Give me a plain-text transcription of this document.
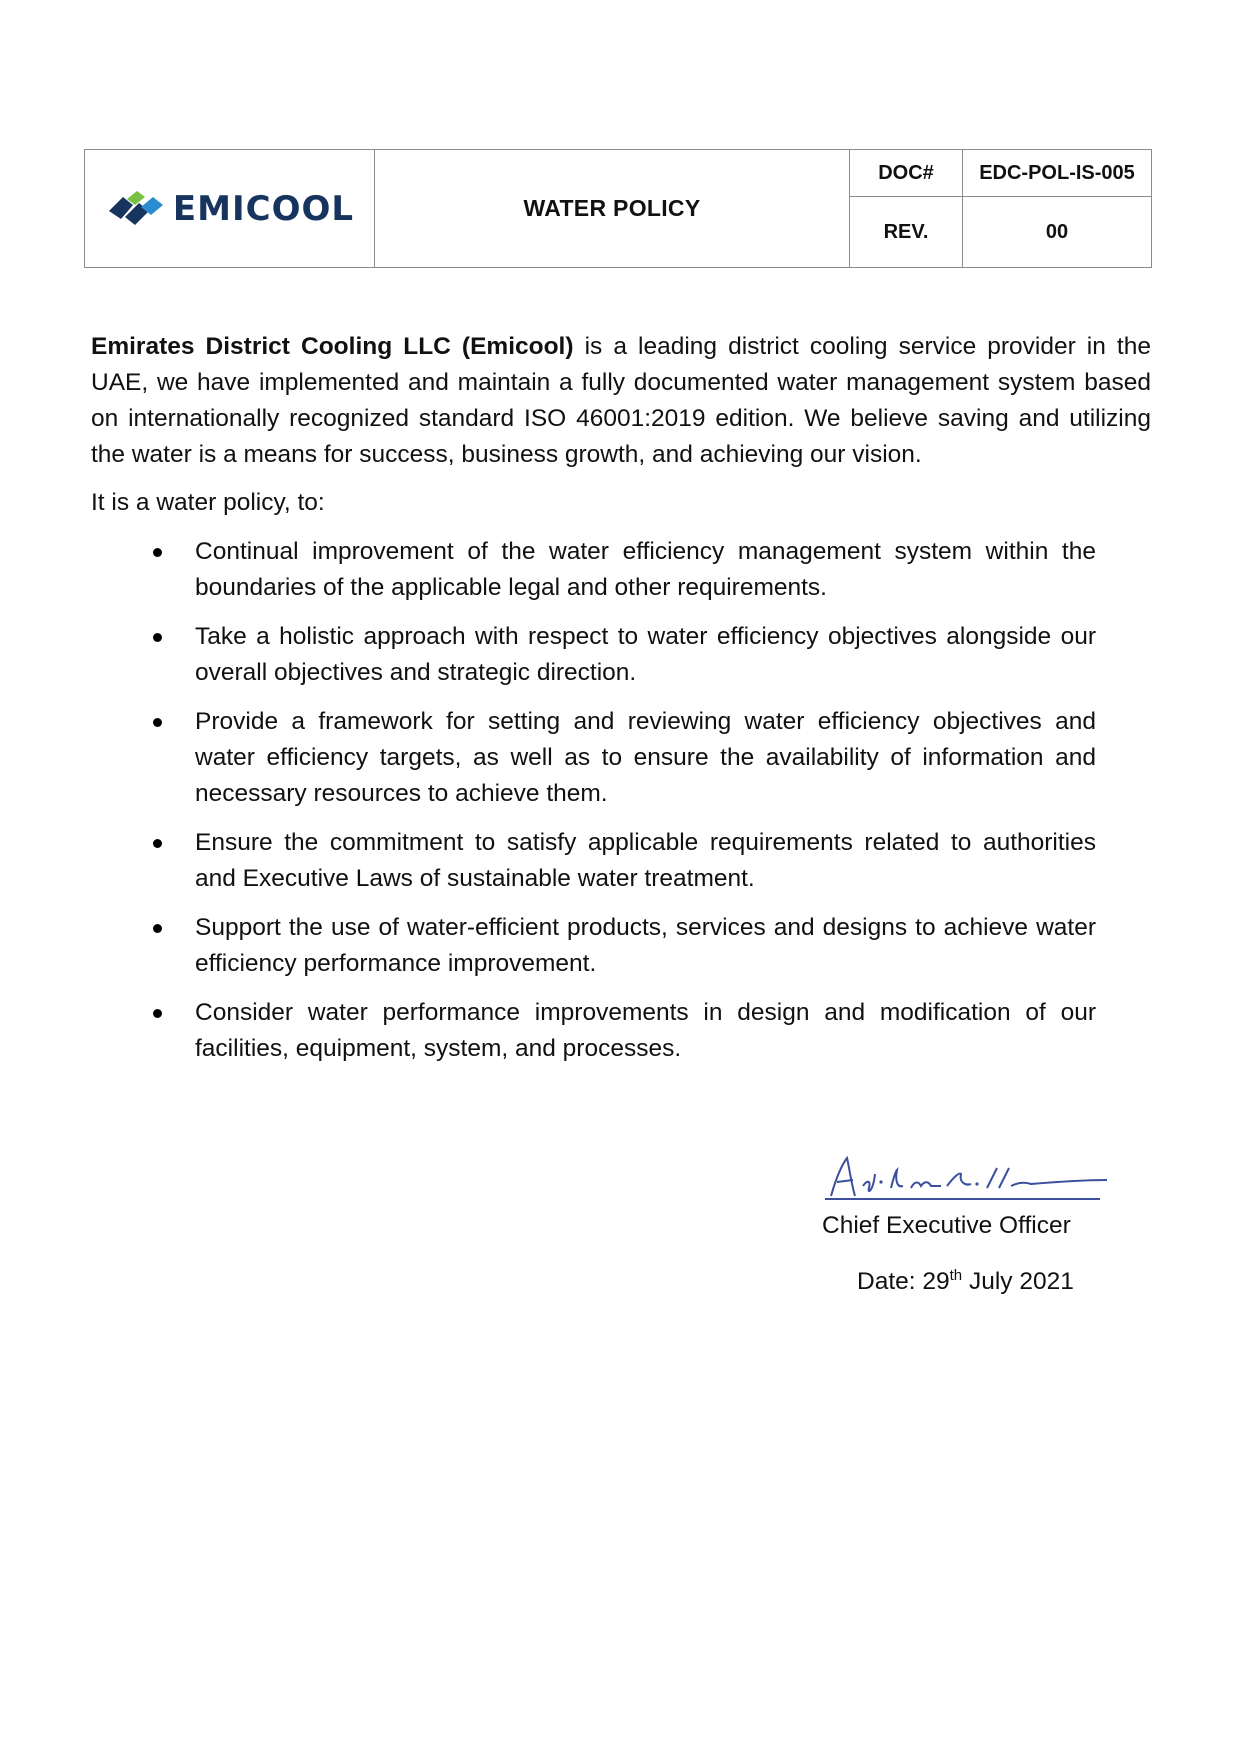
EMICOOL	WATER POLICY	DOC#	EDC-POL-IS-005
		REV.	00

Emirates District Cooling LLC (Emicool) is a leading district cooling service provider in the UAE, we have implemented and maintain a fully documented water management system based on internationally recognized standard ISO 46001:2019 edition. We believe saving and utilizing the water is a means for success, business growth, and achieving our vision.

It is a water policy, to:

Continual improvement of the water efficiency management system within the boundaries of the applicable legal and other requirements.
Take a holistic approach with respect to water efficiency objectives alongside our overall objectives and strategic direction.
Provide a framework for setting and reviewing water efficiency objectives and water efficiency targets, as well as to ensure the availability of information and necessary resources to achieve them.
Ensure the commitment to satisfy applicable requirements related to authorities and Executive Laws of sustainable water treatment.
Support the use of water-efficient products, services and designs to achieve water efficiency performance improvement.
Consider water performance improvements in design and modification of our facilities, equipment, system, and processes.
Chief Executive Officer
Date: 29th July 2021
